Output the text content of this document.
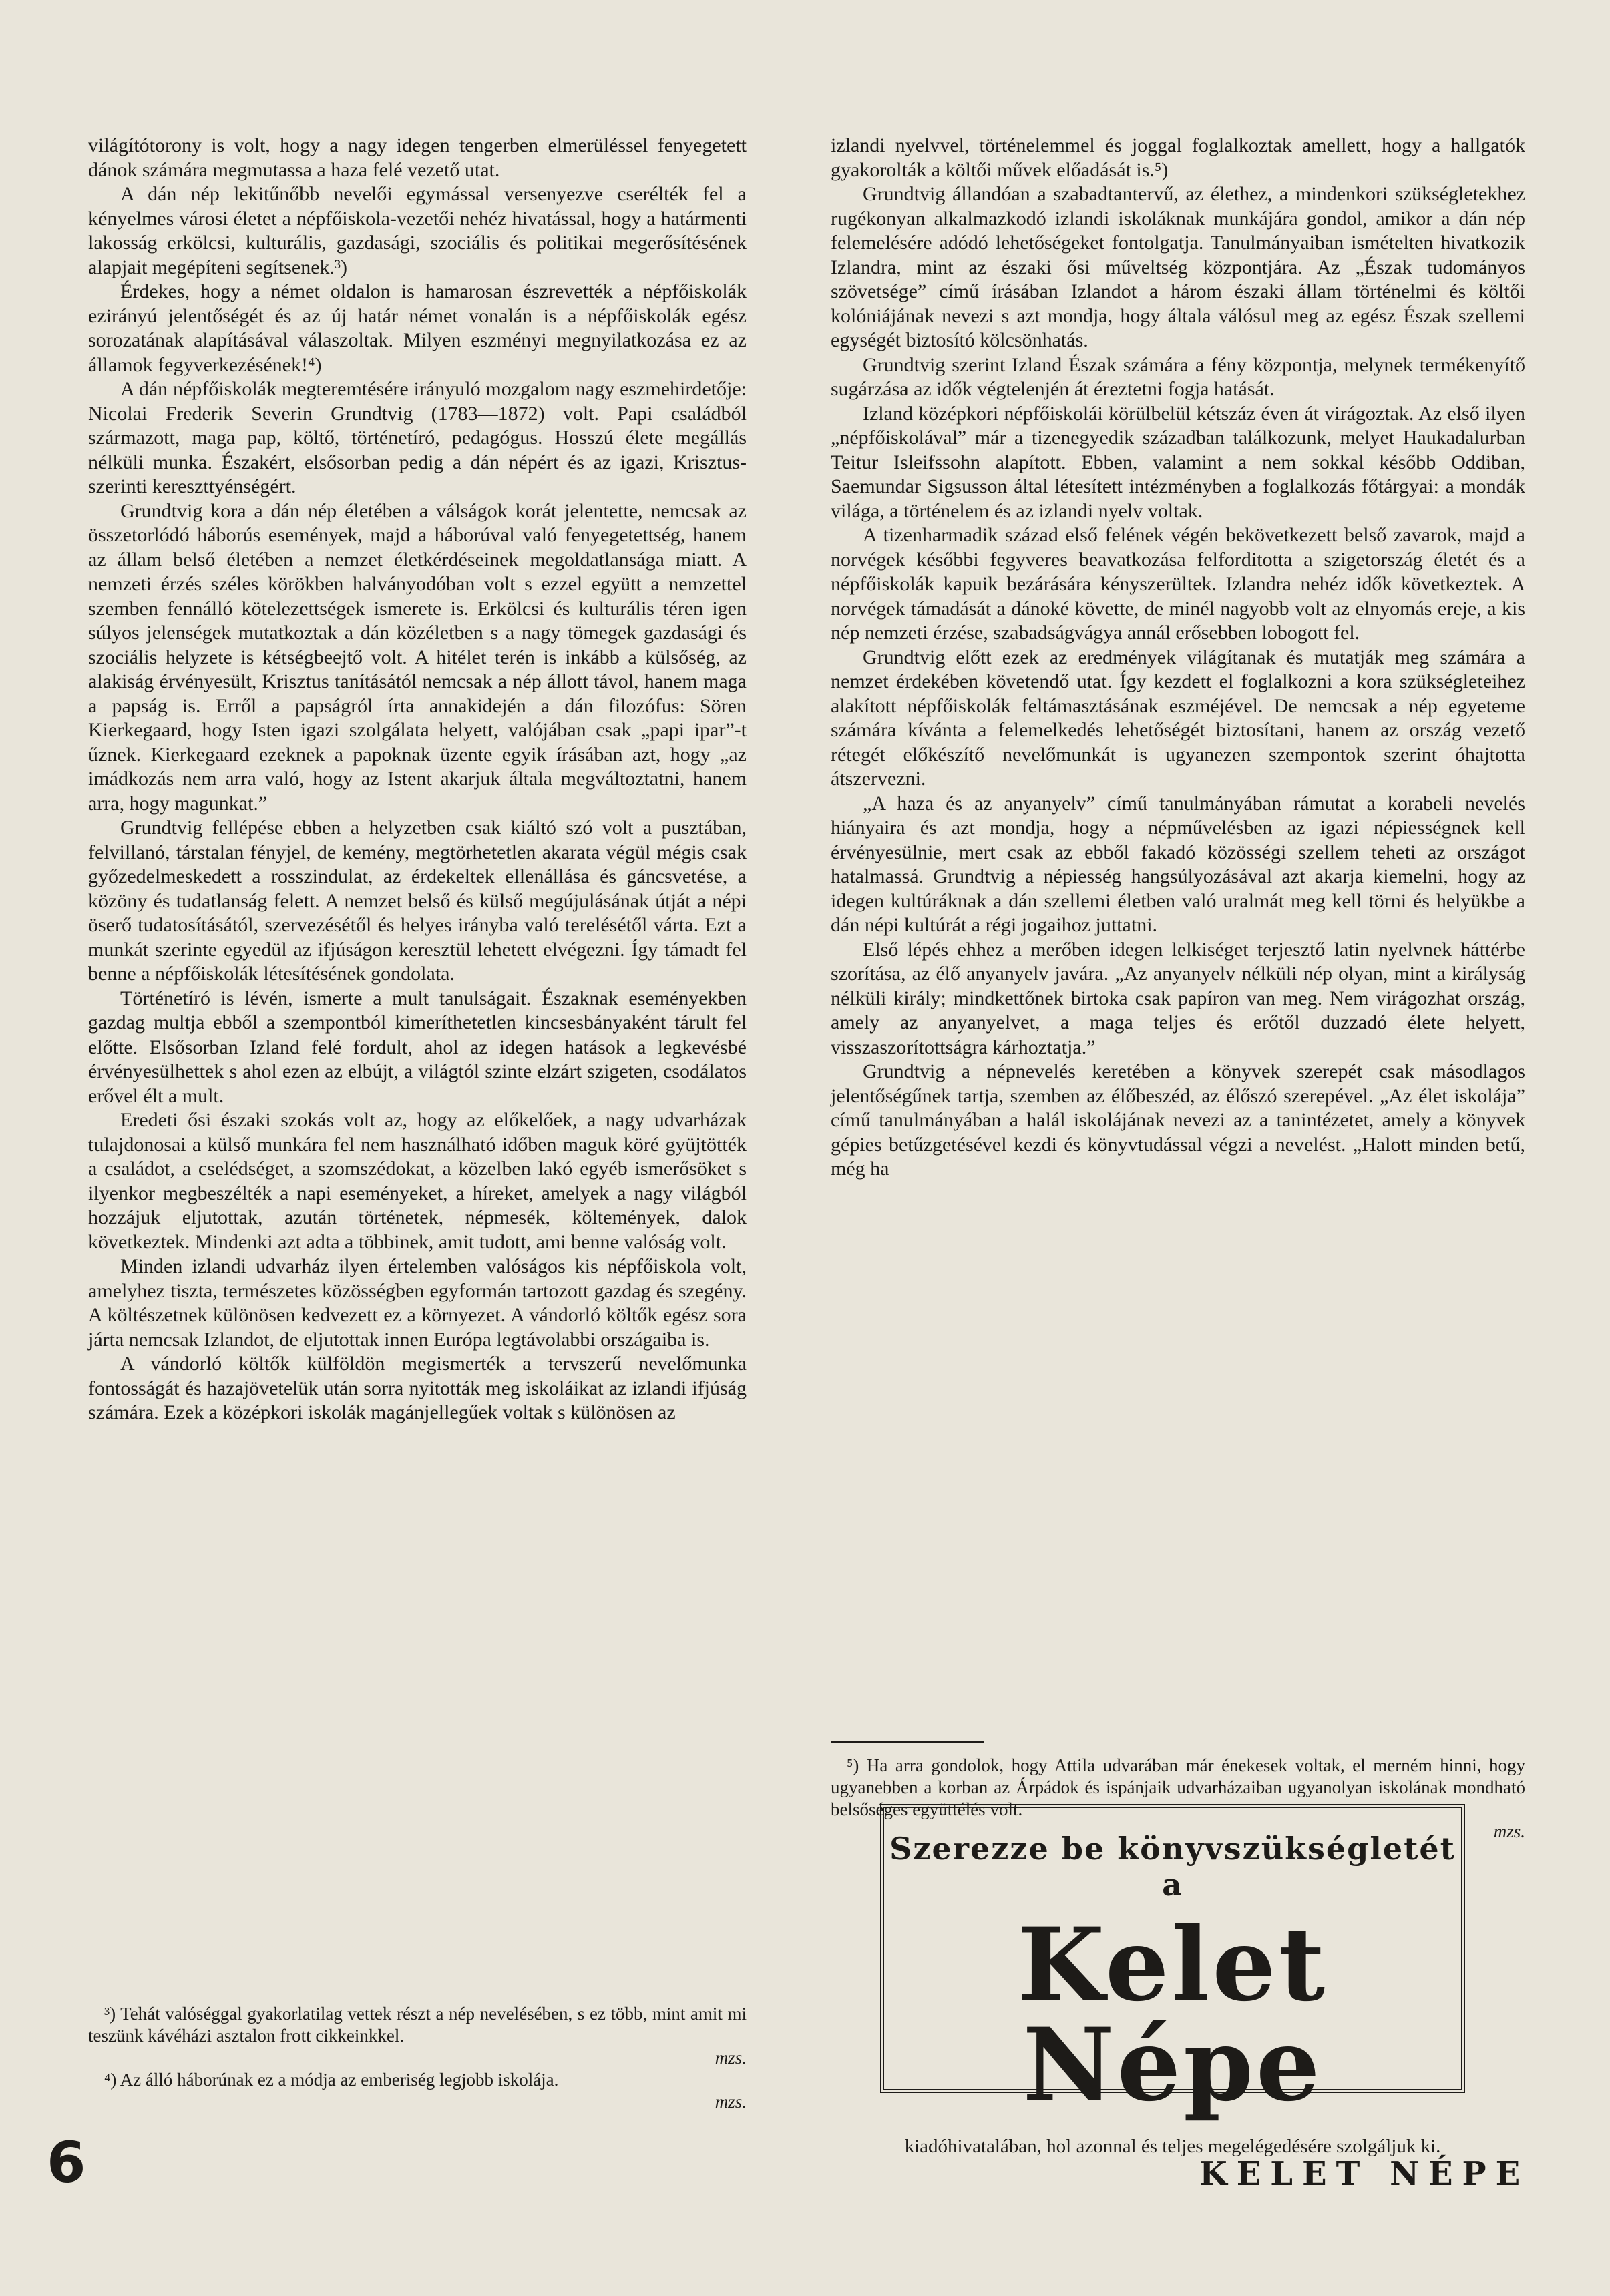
világítótorony is volt, hogy a nagy idegen tengerben elmerüléssel fenyegetett dánok számára megmutassa a haza felé vezető utat.

A dán nép lekitűnőbb nevelői egymással versenyezve cserélték fel a kényelmes városi életet a népfőiskola-vezetői nehéz hivatással, hogy a határmenti lakosság erkölcsi, kulturális, gazdasági, szociális és politikai megerősítésének alapjait megépíteni segítsenek.³)

Érdekes, hogy a német oldalon is hamarosan észrevették a népfőiskolák ezirányú jelentőségét és az új határ német vonalán is a népfőiskolák egész sorozatának alapításával válaszoltak. Milyen eszményi megnyilatkozása ez az államok fegyverkezésének!⁴)

A dán népfőiskolák megteremtésére irányuló mozgalom nagy eszmehirdetője: Nicolai Frederik Severin Grundtvig (1783—1872) volt. Papi családból származott, maga pap, költő, történetíró, pedagógus. Hosszú élete megállás nélküli munka. Északért, elsősorban pedig a dán népért és az igazi, Krisztus-szerinti kereszttyénségért.

Grundtvig kora a dán nép életében a válságok korát jelentette, nemcsak az összetorlódó háborús események, majd a háborúval való fenyegetettség, hanem az állam belső életében a nemzet életkérdéseinek megoldatlansága miatt. A nemzeti érzés széles körökben halványodóban volt s ezzel együtt a nemzettel szemben fennálló kötelezettségek ismerete is. Erkölcsi és kulturális téren igen súlyos jelenségek mutatkoztak a dán közéletben s a nagy tömegek gazdasági és szociális helyzete is kétségbeejtő volt. A hitélet terén is inkább a külsőség, az alakiság érvényesült, Krisztus tanításától nemcsak a nép állott távol, hanem maga a papság is. Erről a papságról írta annakidején a dán filozófus: Sören Kierkegaard, hogy Isten igazi szolgálata helyett, valójában csak „papi ipar”-t űznek. Kierkegaard ezeknek a papoknak üzente egyik írásában azt, hogy „az imádkozás nem arra való, hogy az Istent akarjuk általa megváltoztatni, hanem arra, hogy magunkat.”

Grundtvig fellépése ebben a helyzetben csak kiáltó szó volt a pusztában, felvillanó, társtalan fényjel, de kemény, megtörhetetlen akarata végül mégis csak győzedelmeskedett a rosszindulat, az érdekeltek ellenállása és gáncsvetése, a közöny és tudatlanság felett. A nemzet belső és külső megújulásának útját a népi öserő tudatosításától, szervezésétől és helyes irányba való terelésétől várta. Ezt a munkát szerinte egyedül az ifjúságon keresztül lehetett elvégezni. Így támadt fel benne a népfőiskolák létesítésének gondolata.

Történetíró is lévén, ismerte a mult tanulságait. Északnak eseményekben gazdag multja ebből a szempontból kimeríthetetlen kincsesbányaként tárult fel előtte. Elsősorban Izland felé fordult, ahol az idegen hatások a legkevésbé érvényesülhettek s ahol ezen az elbújt, a világtól szinte elzárt szigeten, csodálatos erővel élt a mult.

Eredeti ősi északi szokás volt az, hogy az előkelőek, a nagy udvarházak tulajdonosai a külső munkára fel nem használható időben maguk köré gyüjtötték a családot, a cselédséget, a szomszédokat, a közelben lakó egyéb ismerősöket s ilyenkor megbeszélték a napi eseményeket, a híreket, amelyek a nagy világból hozzájuk eljutottak, azután történetek, népmesék, költemények, dalok következtek. Mindenki azt adta a többinek, amit tudott, ami benne valóság volt.

Minden izlandi udvarház ilyen értelemben valóságos kis népfőiskola volt, amelyhez tiszta, természetes közösségben egyformán tartozott gazdag és szegény. A költészetnek különösen kedvezett ez a környezet. A vándorló költők egész sora járta nemcsak Izlandot, de eljutottak innen Európa legtávolabbi országaiba is.

A vándorló költők külföldön megismerték a tervszerű nevelőmunka fontosságát és hazajövetelük után sorra nyitották meg iskoláikat az izlandi ifjúság számára. Ezek a középkori iskolák magánjellegűek voltak s különösen az

³) Tehát valóséggal gyakorlatilag vettek részt a nép nevelésében, s ez több, mint amit mi teszünk kávéházi asztalon frott cikkeinkkel.

mzs.

⁴) Az álló háborúnak ez a módja az emberiség legjobb iskolája.

mzs.

izlandi nyelvvel, történelemmel és joggal foglalkoztak amellett, hogy a hallgatók gyakorolták a költői művek előadását is.⁵)

Grundtvig állandóan a szabadtantervű, az élethez, a mindenkori szükségletekhez rugékonyan alkalmazkodó izlandi iskoláknak munkájára gondol, amikor a dán nép felemelésére adódó lehetőségeket fontolgatja. Tanulmányaiban ismételten hivatkozik Izlandra, mint az északi ősi műveltség központjára. Az „Észak tudományos szövetsége” című írásában Izlandot a három északi állam történelmi és költői kolóniájának nevezi s azt mondja, hogy általa válósul meg az egész Észak szellemi egységét biztosító kölcsönhatás.

Grundtvig szerint Izland Észak számára a fény központja, melynek termékenyítő sugárzása az idők végtelenjén át éreztetni fogja hatását.

Izland középkori népfőiskolái körülbelül kétszáz éven át virágoztak. Az első ilyen „népfőiskolával” már a tizenegyedik században találkozunk, melyet Haukadalurban Teitur Isleifssohn alapított. Ebben, valamint a nem sokkal később Oddiban, Saemundar Sigsusson által létesített intézményben a foglalkozás főtárgyai: a mondák világa, a történelem és az izlandi nyelv voltak.

A tizenharmadik század első felének végén bekövetkezett belső zavarok, majd a norvégek későbbi fegyveres beavatkozása felforditotta a szigetország életét és a népfőiskolák kapuik bezárására kényszerültek. Izlandra nehéz idők következtek. A norvégek támadását a dánoké követte, de minél nagyobb volt az elnyomás ereje, a kis nép nemzeti érzése, szabadságvágya annál erősebben lobogott fel.

Grundtvig előtt ezek az eredmények világítanak és mutatják meg számára a nemzet érdekében követendő utat. Így kezdett el foglalkozni a kora szükségleteihez alakított népfőiskolák feltámasztásának eszméjével. De nemcsak a nép egyeteme számára kívánta a felemelkedés lehetőségét biztosítani, hanem az ország vezető rétegét előkészítő nevelőmunkát is ugyanezen szempontok szerint óhajtotta átszervezni.

„A haza és az anyanyelv” című tanulmányában rámutat a korabeli nevelés hiányaira és azt mondja, hogy a népművelésben az igazi népiességnek kell érvényesülnie, mert csak az ebből fakadó közösségi szellem teheti az országot hatalmassá. Grundtvig a népiesség hangsúlyozásával azt akarja kiemelni, hogy az idegen kultúráknak a dán szellemi életben való uralmát meg kell törni és helyükbe a dán népi kultúrát a régi jogaihoz juttatni.

Első lépés ehhez a merőben idegen lelkiséget terjesztő latin nyelvnek háttérbe szorítása, az élő anyanyelv javára. „Az anyanyelv nélküli nép olyan, mint a királyság nélküli király; mindkettőnek birtoka csak papíron van meg. Nem virágozhat ország, amely az anyanyelvet, a maga teljes és erőtől duzzadó élete helyett, visszaszorítottságra kárhoztatja.”

Grundtvig a népnevelés keretében a könyvek szerepét csak másodlagos jelentőségűnek tartja, szemben az élőbeszéd, az élőszó szerepével. „Az élet iskolája” című tanulmányában a halál iskolájának nevezi az a tanintézetet, amely a könyvek gépies betűzgetésével kezdi és könyvtudással végzi a nevelést. „Halott minden betű, még ha

⁵) Ha arra gondolok, hogy Attila udvarában már énekesek voltak, el merném hinni, hogy ugyanebben a korban az Árpádok és ispánjaik udvarházaiban ugyanolyan iskolának mondható belsőséges együttélés volt.

mzs.
Szerezze be könyvszükségletét a
Kelet Népe
kiadóhivatalában, hol azonnal és teljes megelégedésére szolgáljuk ki.
6	KELET NÉPE
